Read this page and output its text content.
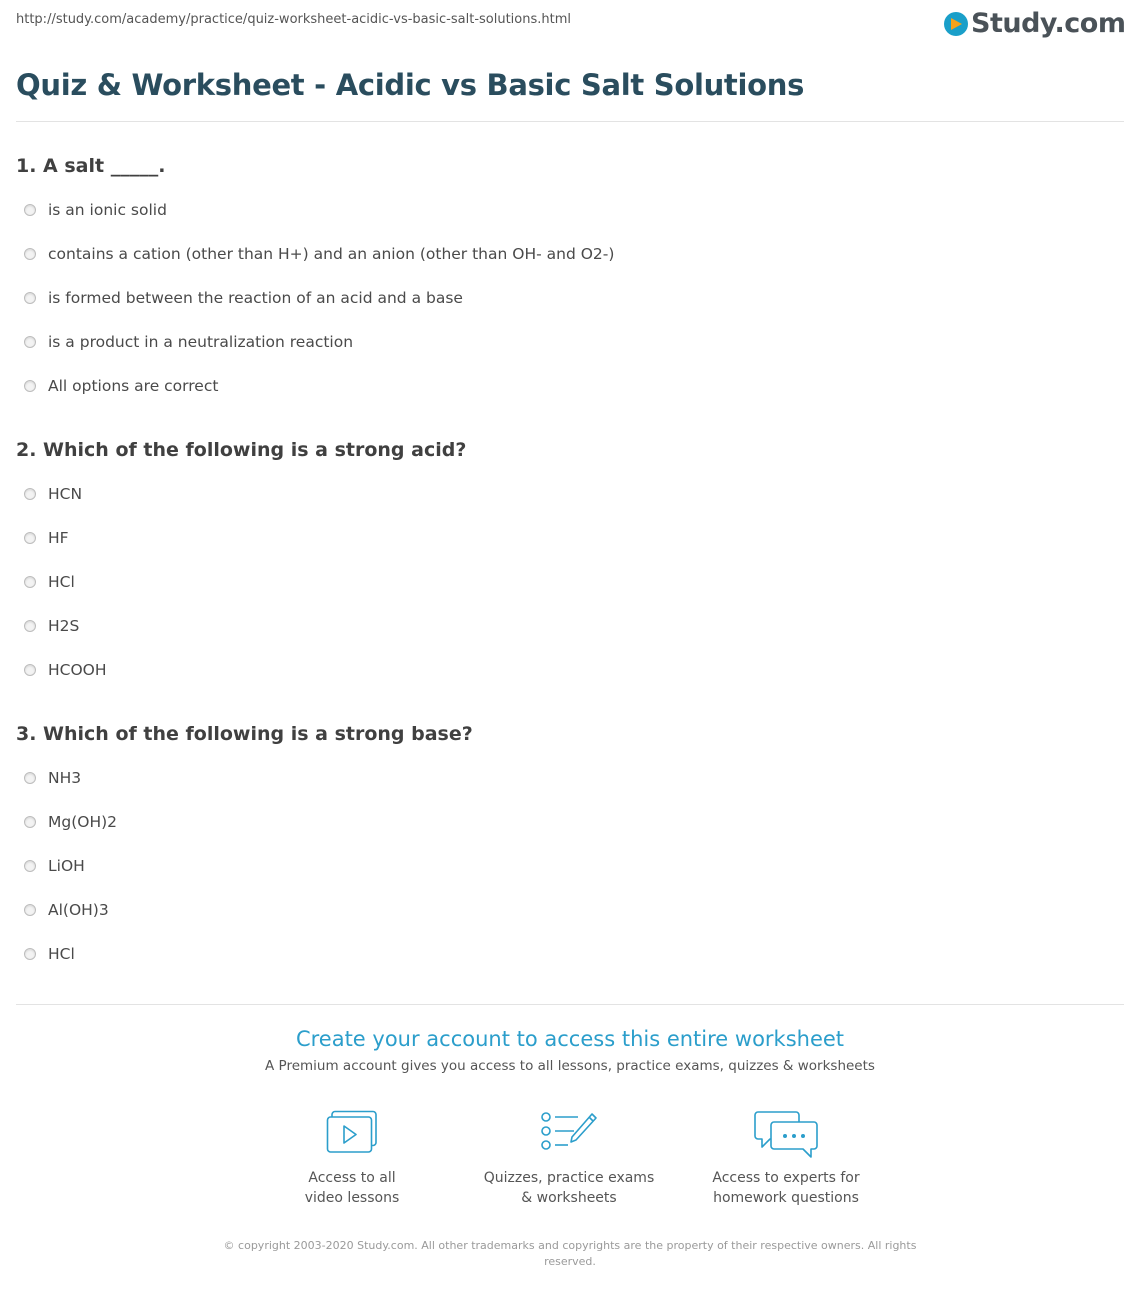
http://study.com/academy/practice/quiz-worksheet-acidic-vs-basic-salt-solutions.html	Study.com
Quiz & Worksheet - Acidic vs Basic Salt Solutions
1. A salt _____.
is an ionic solid
contains a cation (other than H+) and an anion (other than OH- and O2-)
is formed between the reaction of an acid and a base
is a product in a neutralization reaction
All options are correct
2. Which of the following is a strong acid?
HCN
HF
HCl
H2S
HCOOH
3. Which of the following is a strong base?
NH3
Mg(OH)2
LiOH
Al(OH)3
HCl
Create your account to access this entire worksheet
A Premium account gives you access to all lessons, practice exams, quizzes & worksheets
Access to all
video lessons
Quizzes, practice exams
& worksheets
Access to experts for
homework questions
© copyright 2003-2020 Study.com. All other trademarks and copyrights are the property of their respective owners. All rights reserved.
